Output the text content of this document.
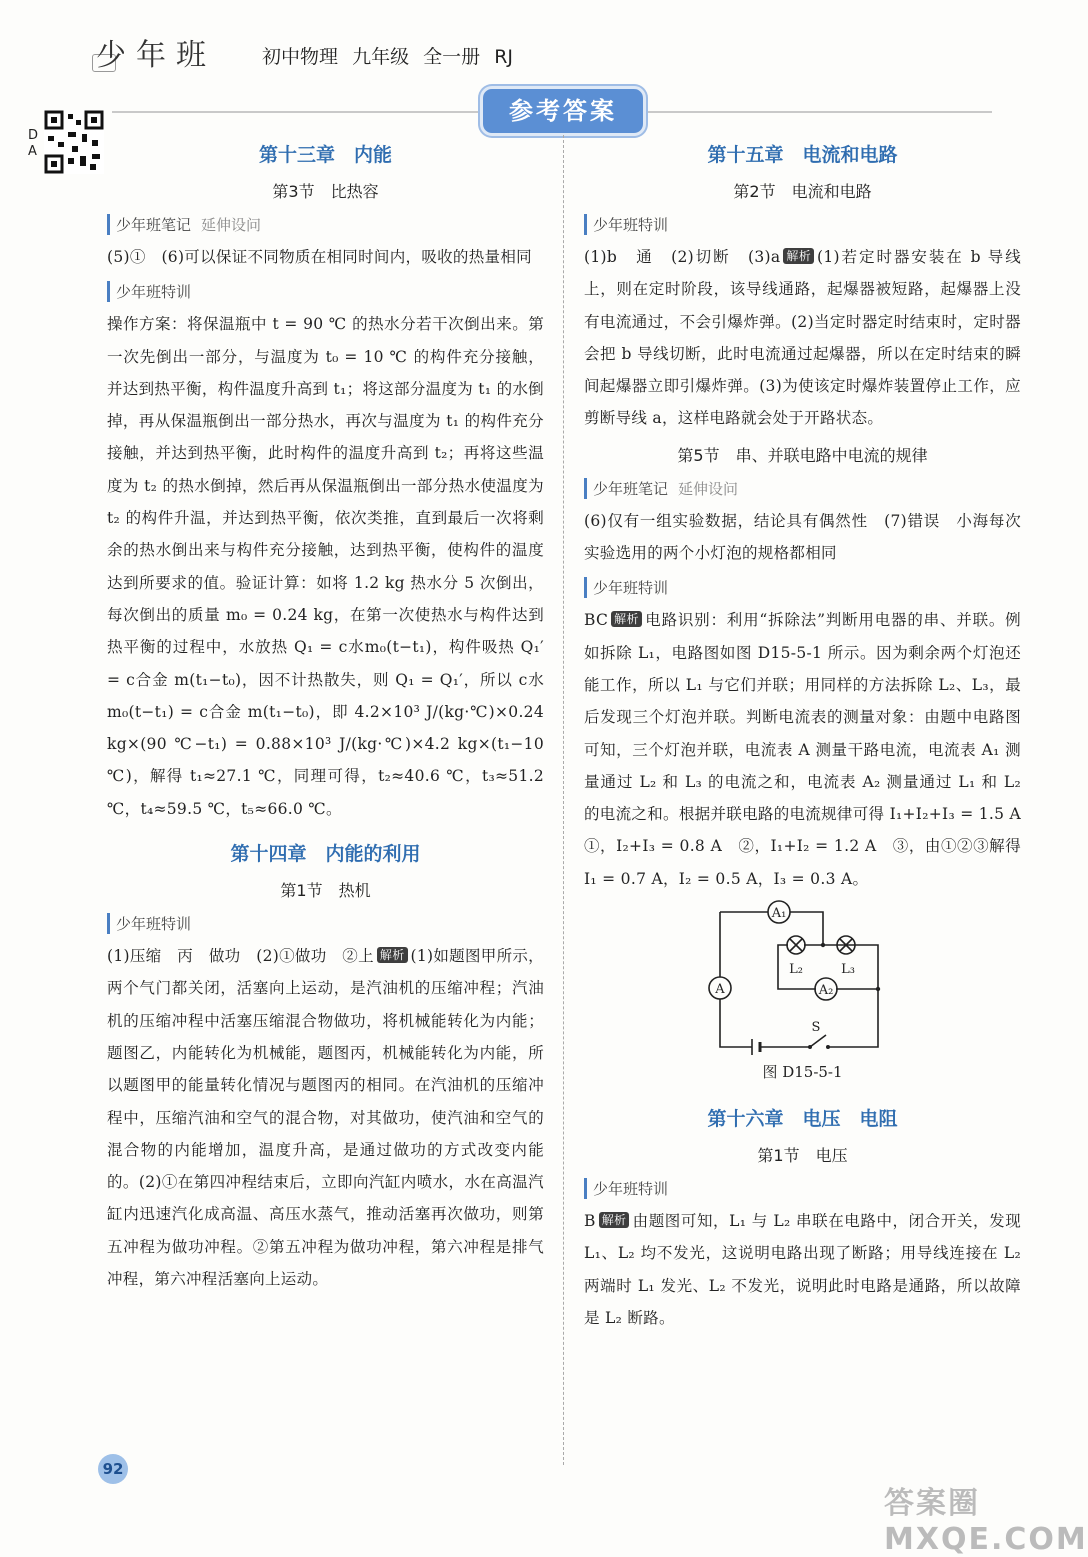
少年班 初中物理 九年级 全一册 RJ
参考答案
D
A	第十三章　内能
第3节　比热容
少年班笔记 延伸设问

(5)①　(6)可以保证不同物质在相同时间内，吸收的热量相同

少年班特训

操作方案：将保温瓶中 t = 90 ℃ 的热水分若干次倒出来。第一次先倒出一部分，与温度为 t₀ = 10 ℃ 的构件充分接触，并达到热平衡，构件温度升高到 t₁；将这部分温度为 t₁ 的水倒掉，再从保温瓶倒出一部分热水，再次与温度为 t₁ 的构件充分接触，并达到热平衡，此时构件的温度升高到 t₂；再将这些温度为 t₂ 的热水倒掉，然后再从保温瓶倒出一部分热水使温度为 t₂ 的构件升温，并达到热平衡，依次类推，直到最后一次将剩余的热水倒出来与构件充分接触，达到热平衡，使构件的温度达到所要求的值。验证计算：如将 1.2 kg 热水分 5 次倒出，每次倒出的质量 m₀ = 0.24 kg，在第一次使热水与构件达到热平衡的过程中，水放热 Q₁ = c水m₀(t−t₁)，构件吸热 Q₁′ = c合金 m(t₁−t₀)，因不计热散失，则 Q₁ = Q₁′，所以 c水m₀(t−t₁) = c合金 m(t₁−t₀)，即 4.2×10³ J/(kg·℃)×0.24 kg×(90 ℃−t₁) = 0.88×10³ J/(kg·℃)×4.2 kg×(t₁−10 ℃)，解得 t₁≈27.1 ℃，同理可得，t₂≈40.6 ℃，t₃≈51.2 ℃，t₄≈59.5 ℃，t₅≈66.0 ℃。

第十四章　内能的利用
第1节　热机
少年班特训

(1)压缩　丙　做功　(2)①做功　②上 解析 (1)如题图甲所示，两个气门都关闭，活塞向上运动，是汽油机的压缩冲程；汽油机的压缩冲程中活塞压缩混合物做功，将机械能转化为内能；题图乙，内能转化为机械能，题图丙，机械能转化为内能，所以题图甲的能量转化情况与题图丙的相同。在汽油机的压缩冲程中，压缩汽油和空气的混合物，对其做功，使汽油和空气的混合物的内能增加，温度升高，是通过做功的方式改变内能的。(2)①在第四冲程结束后，立即向汽缸内喷水，水在高温汽缸内迅速汽化成高温、高压水蒸气，推动活塞再次做功，则第五冲程为做功冲程。②第五冲程为做功冲程，第六冲程是排气冲程，第六冲程活塞向上运动。

第十五章　电流和电路
第2节　电流和电路
少年班特训

(1)b　通　(2)切断　(3)a 解析 (1)若定时器安装在 b 导线上，则在定时阶段，该导线通路，起爆器被短路，起爆器上没有电流通过，不会引爆炸弹。(2)当定时器定时结束时，定时器会把 b 导线切断，此时电流通过起爆器，所以在定时结束的瞬间起爆器立即引爆炸弹。(3)为使该定时爆炸装置停止工作，应剪断导线 a，这样电路就会处于开路状态。

第5节　串、并联电路中电流的规律
少年班笔记 延伸设问

(6)仅有一组实验数据，结论具有偶然性　(7)错误　小海每次实验选用的两个小灯泡的规格都相同

少年班特训

BC 解析 电路识别：利用“拆除法”判断用电器的串、并联。例如拆除 L₁，电路图如图 D15-5-1 所示。因为剩余两个灯泡还能工作，所以 L₁ 与它们并联；用同样的方法拆除 L₂、L₃，最后发现三个灯泡并联。判断电流表的测量对象：由题中电路图可知，三个灯泡并联，电流表 A 测量干路电流，电流表 A₁ 测量通过 L₂ 和 L₃ 的电流之和，电流表 A₂ 测量通过 L₁ 和 L₂ 的电流之和。根据并联电路的电流规律可得 I₁+I₂+I₃ = 1.5 A　①，I₂+I₃ = 0.8 A　②，I₁+I₂ = 1.2 A　③，由①②③解得 I₁ = 0.7 A，I₂ = 0.5 A，I₃ = 0.3 A。

A₁
A₂
A
L₂	L₃
S
图 D15-5-1
第十六章　电压　电阻
第1节　电压
少年班特训

B 解析 由题图可知，L₁ 与 L₂ 串联在电路中，闭合开关，发现 L₁、L₂ 均不发光，这说明电路出现了断路；用导线连接在 L₂ 两端时 L₁ 发光、L₂ 不发光，说明此时电路是通路，所以故障是 L₂ 断路。

92
答案圈 MXQE.COM
